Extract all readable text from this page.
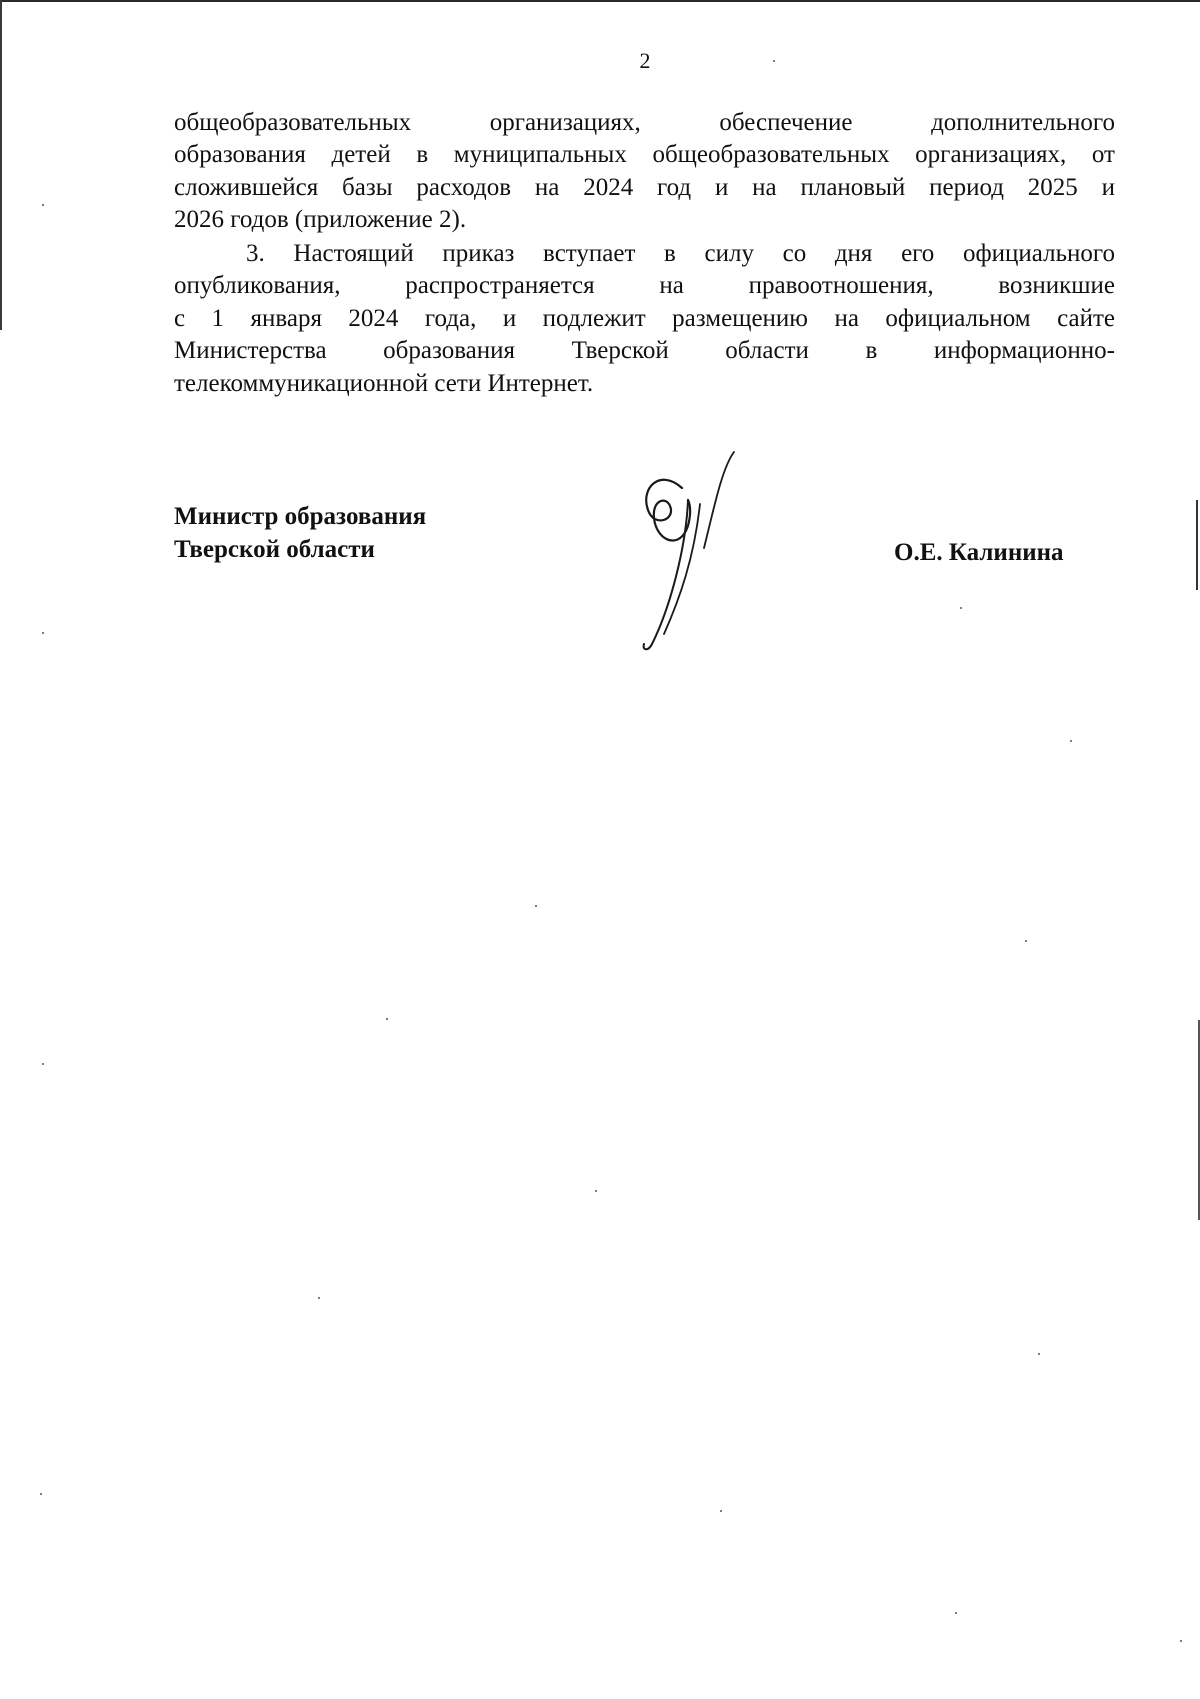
2
общеобразовательных организациях, обеспечение дополнительного
образования детей в муниципальных общеобразовательных организациях, от
сложившейся базы расходов на 2024 год и на плановый период 2025 и
2026 годов (приложение 2).
3. Настоящий приказ вступает в силу со дня его официального
опубликования, распространяется на правоотношения, возникшие
с 1 января 2024 года, и подлежит размещению на официальном сайте
Министерства образования Тверской области в информационно-
телекоммуникационной сети Интернет.
Министр образования
Тверской области	О.Е. Калинина
